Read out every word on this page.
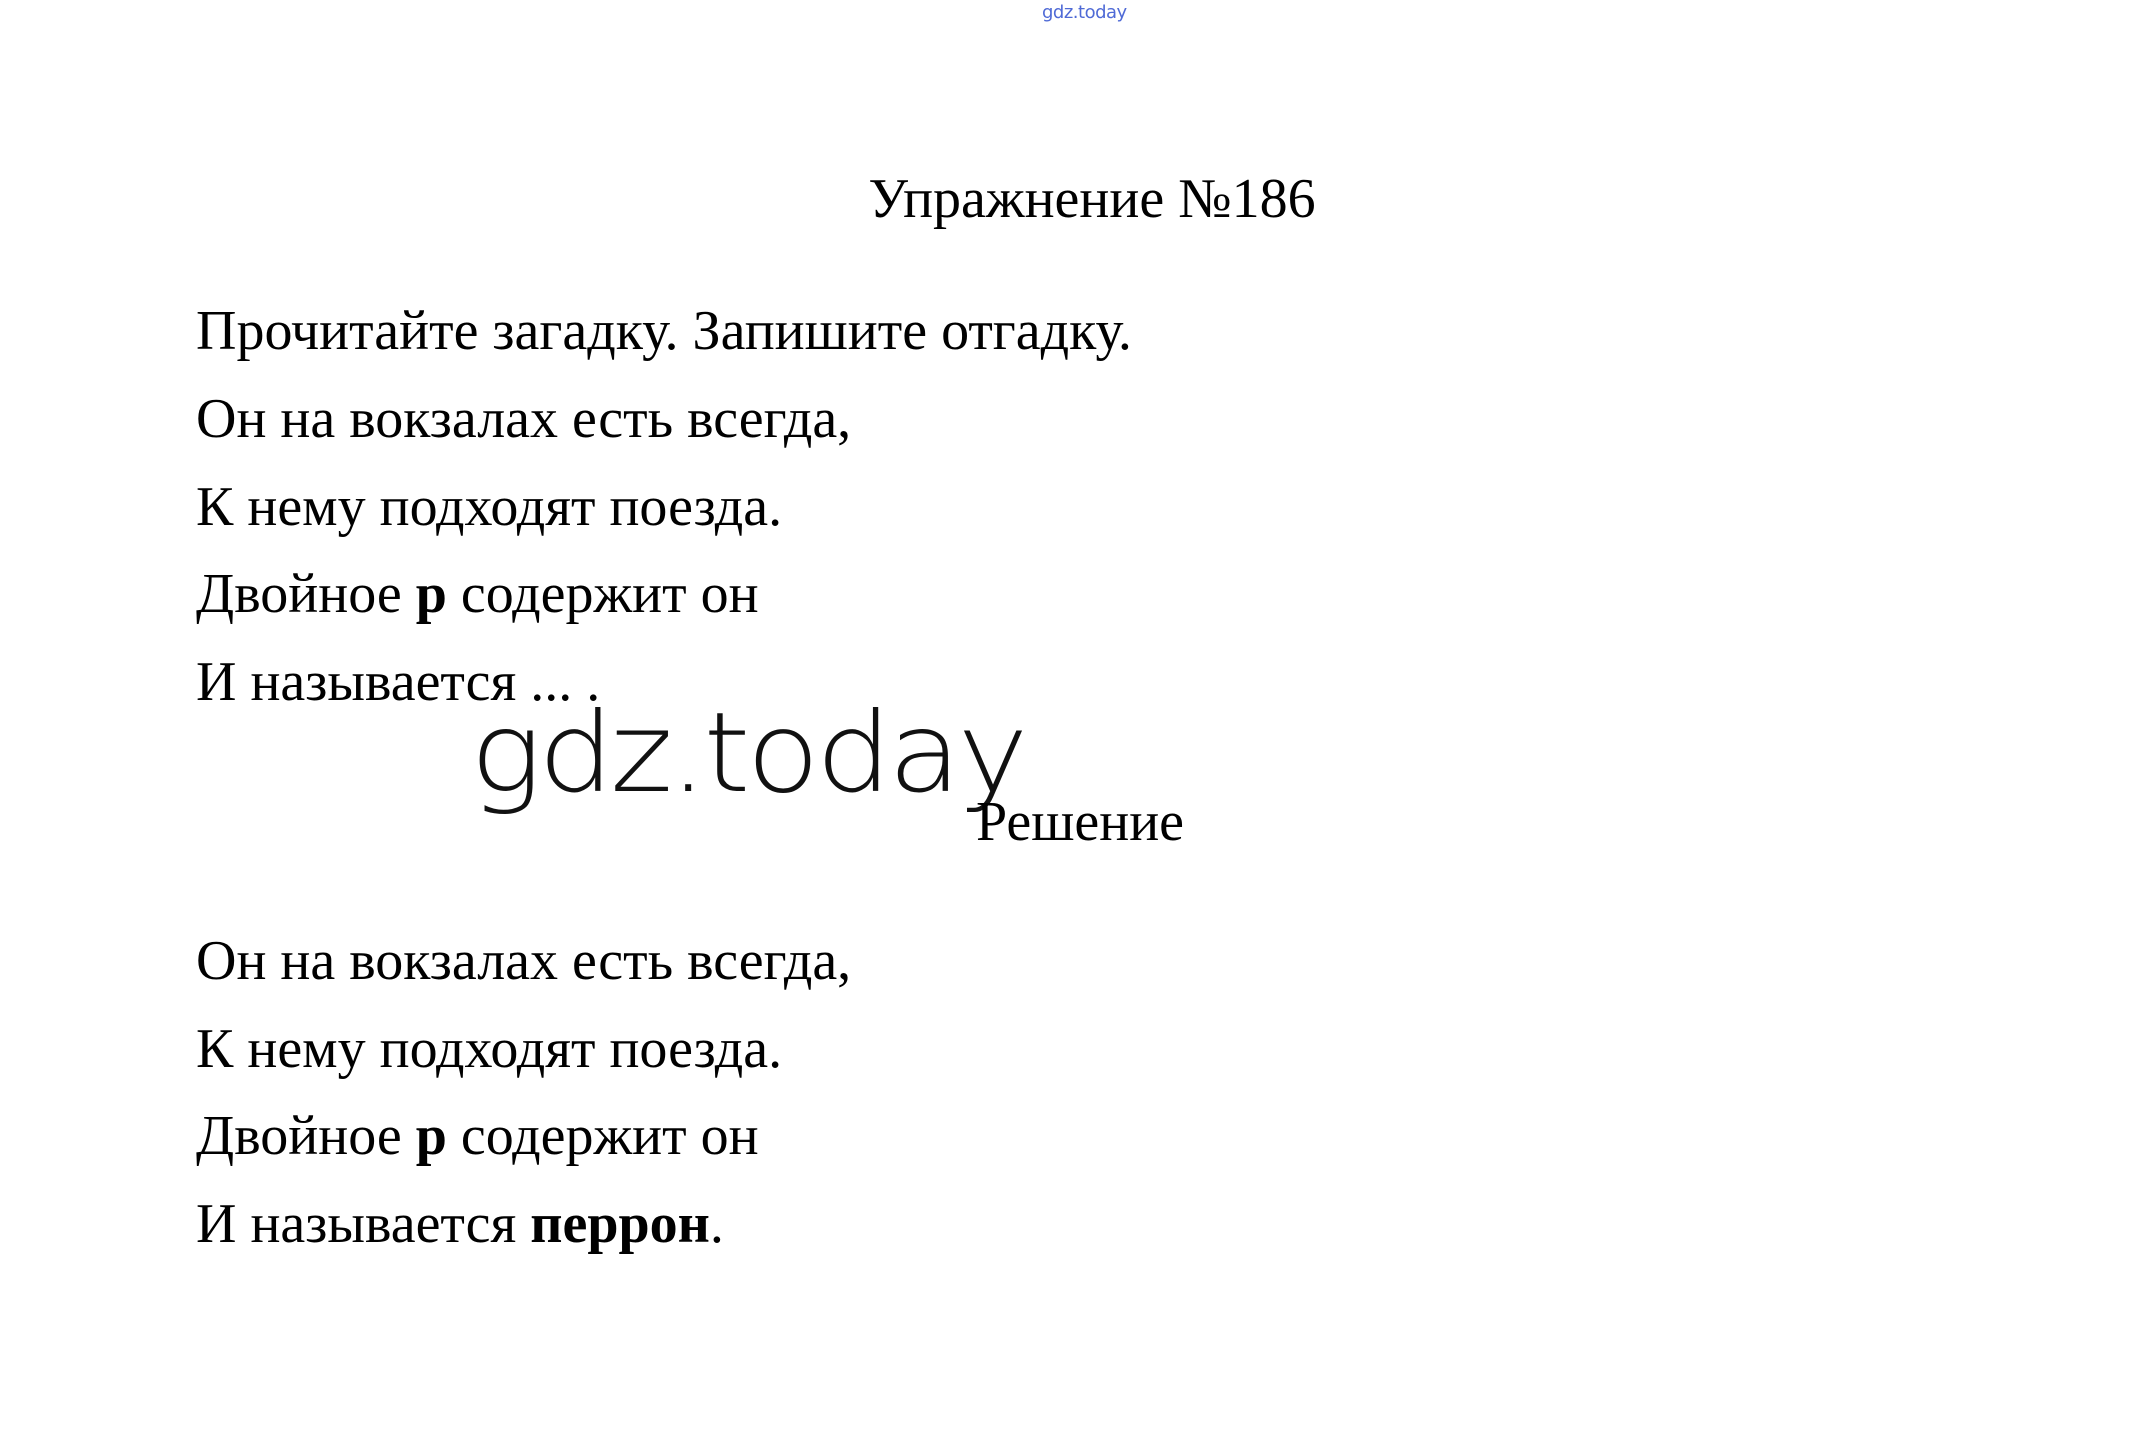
gdz.today
Упражнение №186
Прочитайте загадку. Запишите отгадку.
Он на вокзалах есть всегда,
К нему подходят поезда.
Двойное р содержит он
И называется ... .
gdz.today
Решение
Он на вокзалах есть всегда,
К нему подходят поезда.
Двойное р содержит он
И называется перрон.
